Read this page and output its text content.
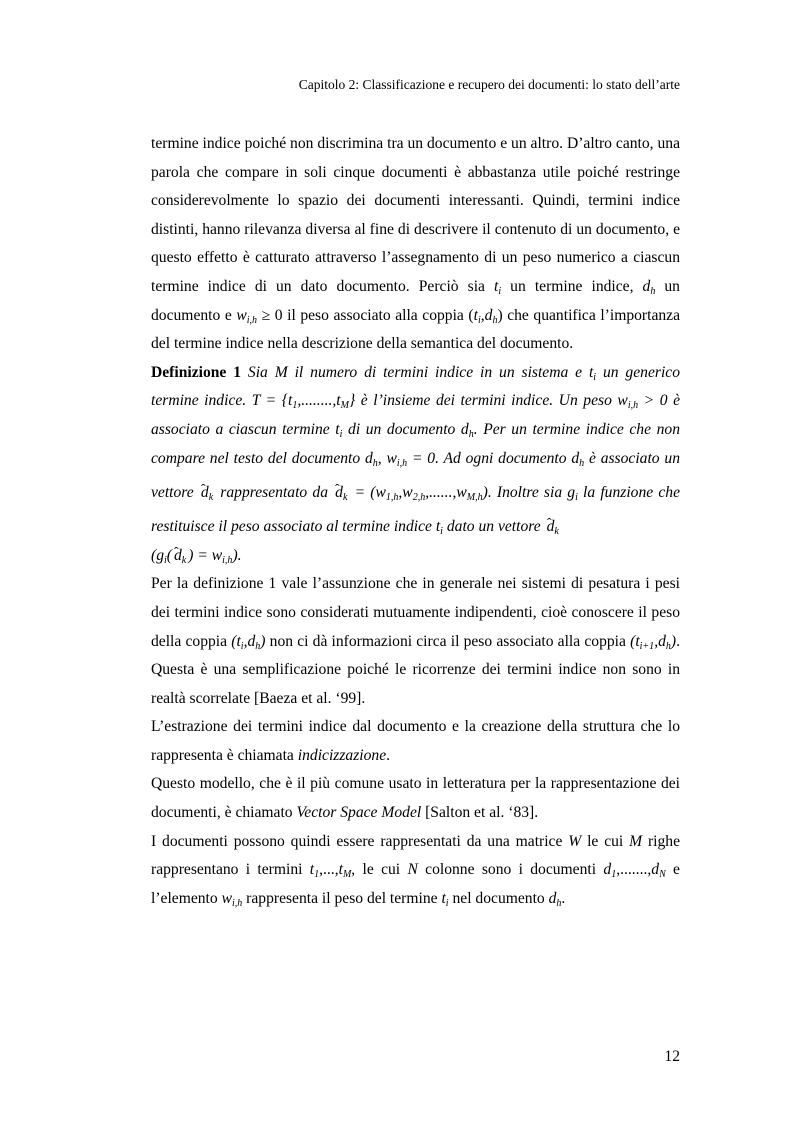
Capitolo 2: Classificazione e recupero dei documenti: lo stato dell’arte

termine indice poiché non discrimina tra un documento e un altro. D’altro canto, una parola che compare in soli cinque documenti è abbastanza utile poiché restringe considerevolmente lo spazio dei documenti interessanti. Quindi, termini indice distinti, hanno rilevanza diversa al fine di descrivere il contenuto di un documento, e questo effetto è catturato attraverso l’assegnamento di un peso numerico a ciascun termine indice di un dato documento. Perciò sia $t_i$ un termine indice, $d_h$ un documento e $w_{i,h} \ge 0$ il peso associato alla coppia $(t_i,d_h)$ che quantifica l’importanza del termine indice nella descrizione della semantica del documento.

Definizione 1 Sia M il numero di termini indice in un sistema e $t_i$ un generico termine indice. $T = \{t_1,........,t_M\}$ è l’insieme dei termini indice. Un peso $w_{i,h} > 0$ è associato a ciascun termine $t_i$ di un documento $d_h$. Per un termine indice che non compare nel testo del documento $d_h$, $w_{i,h} = 0$. Ad ogni documento $d_h$ è associato un vettore ˇ $d_k$ rappresentato da ˇ $d_k = (w_{1,h},w_{2,h},......,w_{M,h})$. Inoltre sia $g_i$ la funzione che restituisce il peso associato al termine indice $t_i$ dato un vettore ˇ $d_k$
($g_i(ˇ$ $d_k$ ) = $w_{i,h}$).

Per la definizione 1 vale l’assunzione che in generale nei sistemi di pesatura i pesi dei termini indice sono considerati mutuamente indipendenti, cioè conoscere il peso della coppia $(t_i,d_h)$ non ci dà informazioni circa il peso associato alla coppia $(t_{i+1},d_h)$. Questa è una semplificazione poiché le ricorrenze dei termini indice non sono in realtà scorrelate [Baeza et al. ‘99].

L’estrazione dei termini indice dal documento e la creazione della struttura che lo rappresenta è chiamata indicizzazione.

Questo modello, che è il più comune usato in letteratura per la rappresentazione dei documenti, è chiamato Vector Space Model [Salton et al. ‘83].

I documenti possono quindi essere rappresentati da una matrice W le cui M righe rappresentano i termini $t_1,...,t_M$, le cui N colonne sono i documenti $d_1,.......,d_N$ e l’elemento $w_{i,h}$ rappresenta il peso del termine $t_i$ nel documento $d_h$.

12
